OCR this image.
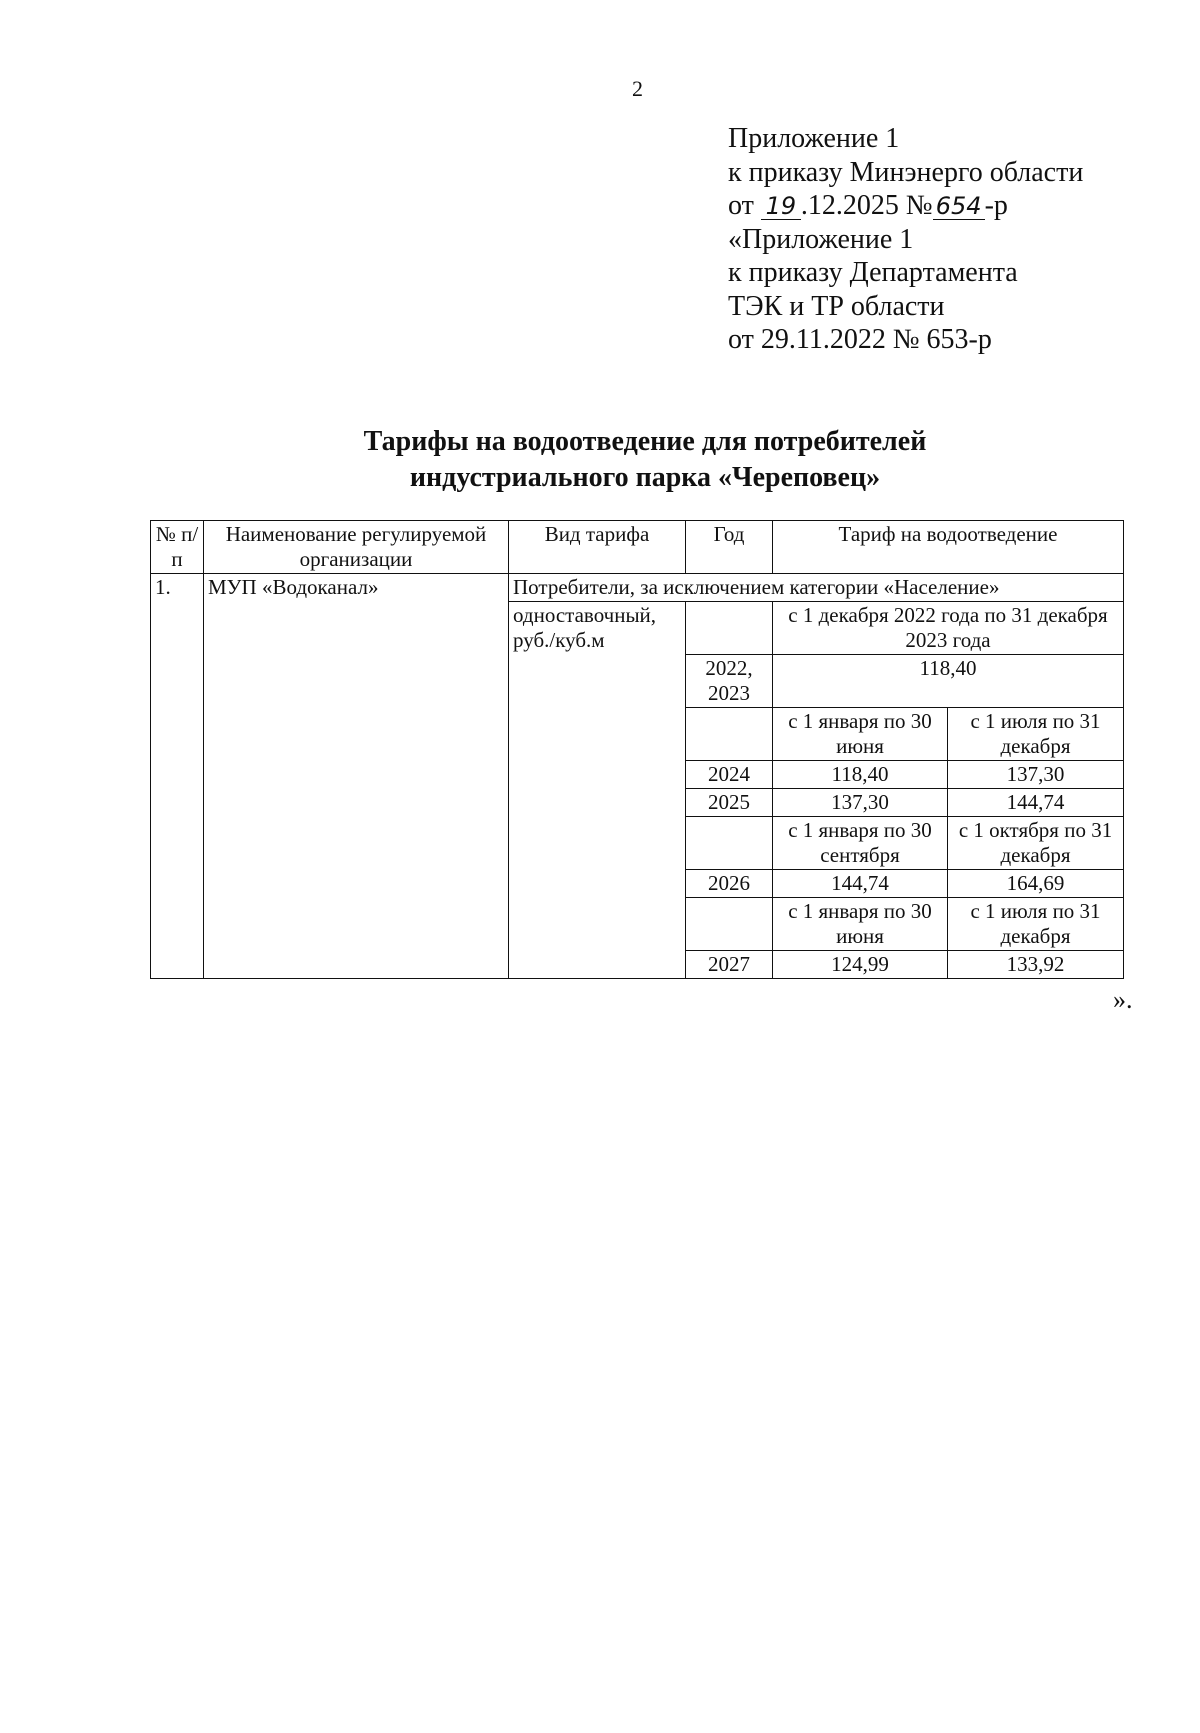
2
Приложение 1
к приказу Минэнерго области
от 19 .12.2025 № 654 -р
«Приложение 1
к приказу Департамента
ТЭК и ТР области
от 29.11.2022 № 653-р
Тарифы на водоотведение для потребителей
индустриального парка «Череповец»
№ п/п	Наименование регулируемой организации	Вид тарифа	Год	Тариф на водоотведение	
1.	МУП «Водоканал»	Потребители, за исключением категории «Население»			
		одноставочный, руб./куб.м		с 1 декабря 2022 года по 31 декабря 2023 года	
			2022, 2023	118,40	
				с 1 января по 30 июня	с 1 июля по 31 декабря
			2024	118,40	137,30
			2025	137,30	144,74
				с 1 января по 30 сентября	с 1 октября по 31 декабря
			2026	144,74	164,69
				с 1 января по 30 июня	с 1 июля по 31 декабря
			2027	124,99	133,92
».
